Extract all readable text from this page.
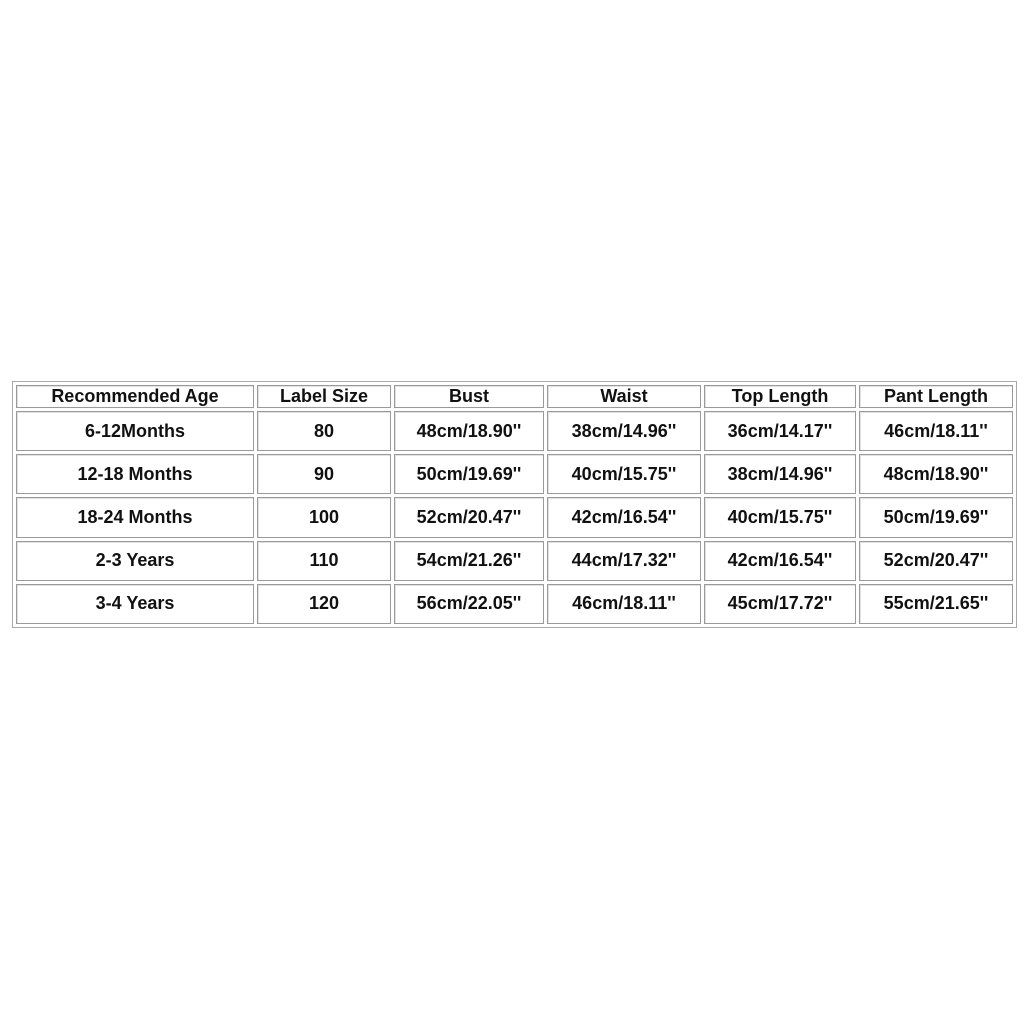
Recommended Age	Label Size	Bust	Waist	Top Length	Pant Length
6-12Months	80	48cm/18.90''	38cm/14.96''	36cm/14.17''	46cm/18.11''
12-18 Months	90	50cm/19.69''	40cm/15.75''	38cm/14.96''	48cm/18.90''
18-24 Months	100	52cm/20.47''	42cm/16.54''	40cm/15.75''	50cm/19.69''
2-3 Years	110	54cm/21.26''	44cm/17.32''	42cm/16.54''	52cm/20.47''
3-4 Years	120	56cm/22.05''	46cm/18.11''	45cm/17.72''	55cm/21.65''
